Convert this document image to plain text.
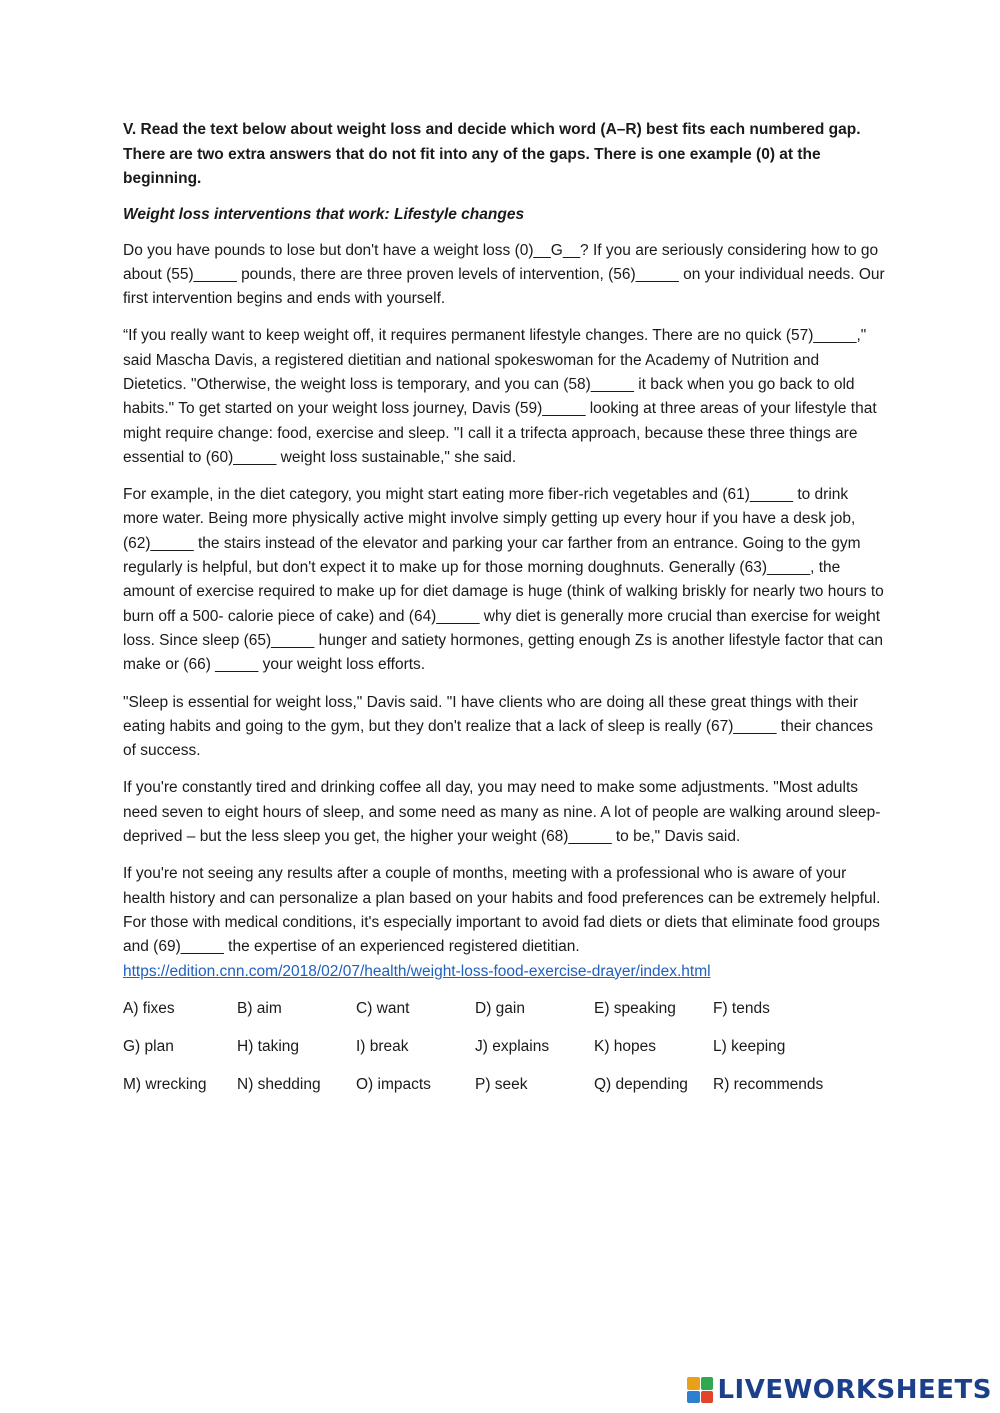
V. Read the text below about weight loss and decide which word (A–R) best fits each numbered gap. There are two extra answers that do not fit into any of the gaps. There is one example (0) at the beginning.

Weight loss interventions that work: Lifestyle changes

Do you have pounds to lose but don't have a weight loss (0)__G__? If you are seriously considering how to go about (55)_____ pounds, there are three proven levels of intervention, (56)_____ on your individual needs. Our first intervention begins and ends with yourself.

“If you really want to keep weight off, it requires permanent lifestyle changes. There are no quick (57)_____," said Mascha Davis, a registered dietitian and national spokeswoman for the Academy of Nutrition and Dietetics. "Otherwise, the weight loss is temporary, and you can (58)_____ it back when you go back to old habits." To get started on your weight loss journey, Davis (59)_____ looking at three areas of your lifestyle that might require change: food, exercise and sleep. "I call it a trifecta approach, because these three things are essential to (60)_____ weight loss sustainable," she said.

For example, in the diet category, you might start eating more fiber-rich vegetables and (61)_____ to drink more water. Being more physically active might involve simply getting up every hour if you have a desk job, (62)_____ the stairs instead of the elevator and parking your car farther from an entrance. Going to the gym regularly is helpful, but don't expect it to make up for those morning doughnuts. Generally (63)_____, the amount of exercise required to make up for diet damage is huge (think of walking briskly for nearly two hours to burn off a 500- calorie piece of cake) and (64)_____ why diet is generally more crucial than exercise for weight loss. Since sleep (65)_____ hunger and satiety hormones, getting enough Zs is another lifestyle factor that can make or (66) _____ your weight loss efforts.

"Sleep is essential for weight loss," Davis said. "I have clients who are doing all these great things with their eating habits and going to the gym, but they don't realize that a lack of sleep is really (67)_____ their chances of success.

If you're constantly tired and drinking coffee all day, you may need to make some adjustments. "Most adults need seven to eight hours of sleep, and some need as many as nine. A lot of people are walking around sleep-deprived – but the less sleep you get, the higher your weight (68)_____ to be," Davis said.

If you're not seeing any results after a couple of months, meeting with a professional who is aware of your health history and can personalize a plan based on your habits and food preferences can be extremely helpful. For those with medical conditions, it's especially important to avoid fad diets or diets that eliminate food groups and (69)_____ the expertise of an experienced registered dietitian.
https://edition.cnn.com/2018/02/07/health/weight-loss-food-exercise-drayer/index.html

A) fixes	B) aim	C) want	D) gain	E) speaking	F) tends
G) plan	H) taking	I) break	J) explains	K) hopes	L) keeping
M) wrecking	N) shedding	O) impacts	P) seek	Q) depending	R) recommends
LIVEWORKSHEETS
